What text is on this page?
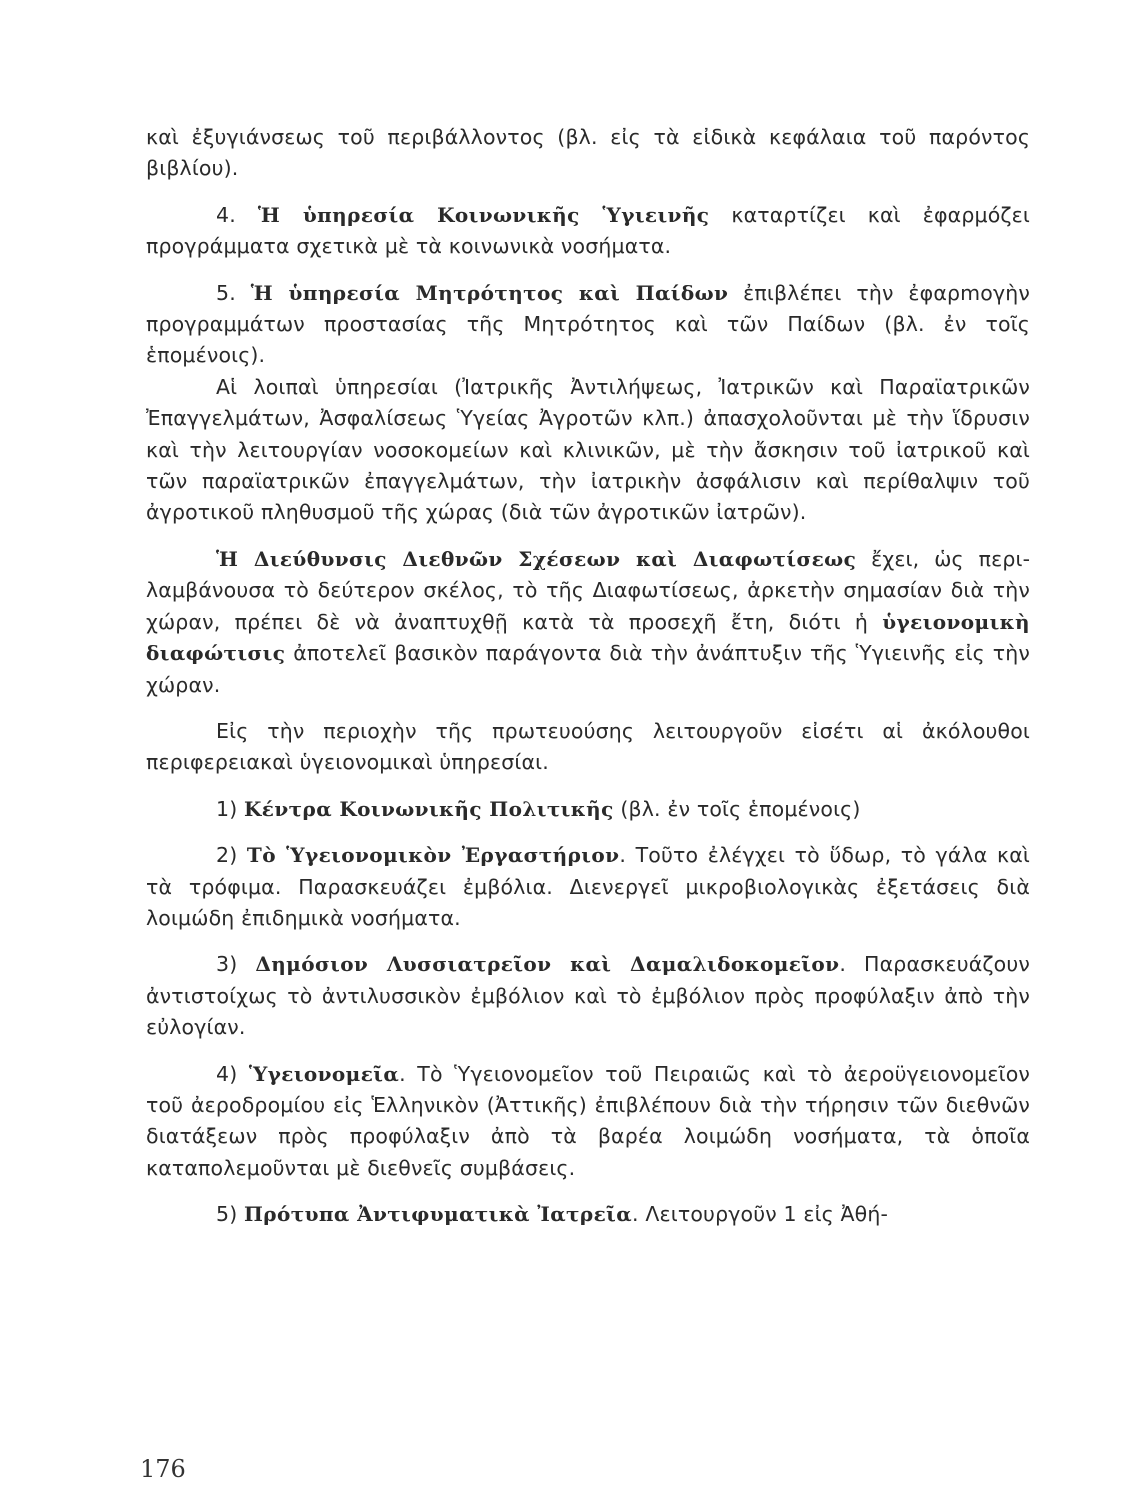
καὶ ἐξυγιάνσεως τοῦ περιβάλλοντος (βλ. εἰς τὰ εἰδικὰ κεφάλαια τοῦ παρόντος βιβλίου).

4. Ἡ ὑπηρεσία Κοινωνικῆς Ὑγιεινῆς καταρτίζει καὶ ἐφαρμόζει προγράμματα σχετικὰ μὲ τὰ κοινωνικὰ νοσήματα.

5. Ἡ ὑπηρεσία Μητρότητος καὶ Παίδων ἐπιβλέπει τὴν ἐφαρmογὴν προγραμμάτων προστασίας τῆς Μητρότητος καὶ τῶν Παίδων (βλ. ἐν τοῖς ἑπομένοις).

Αἱ λοιπαὶ ὑπηρεσίαι (Ἰατρικῆς Ἀντιλήψεως, Ἰατρικῶν καὶ Παραϊατρικῶν Ἐπαγγελμάτων, Ἀσφαλίσεως Ὑγείας Ἀγροτῶν κλπ.) ἀπασχολοῦνται μὲ τὴν ἵδρυσιν καὶ τὴν λειτουργίαν νοσοκομείων καὶ κλινικῶν, μὲ τὴν ἄσκησιν τοῦ ἰατρικοῦ καὶ τῶν παραϊατρικῶν ἐπαγγελμάτων, τὴν ἰατρικὴν ἀσφάλισιν καὶ περίθαλψιν τοῦ ἀγροτικοῦ πληθυσμοῦ τῆς χώρας (διὰ τῶν ἀγροτικῶν ἰατρῶν).

Ἡ Διεύθυνσις Διεθνῶν Σχέσεων καὶ Διαφωτίσεως ἔχει, ὡς περιλαμβάνουσα τὸ δεύτερον σκέλος, τὸ τῆς Διαφωτίσεως, ἀρκετὴν σημασίαν διὰ τὴν χώραν, πρέπει δὲ νὰ ἀναπτυχθῇ κατὰ τὰ προσεχῆ ἔτη, διότι ἡ ὑγειονομικὴ διαφώτισις ἀποτελεῖ βασικὸν παράγοντα διὰ τὴν ἀνάπτυξιν τῆς Ὑγιεινῆς εἰς τὴν χώραν.

Εἰς τὴν περιοχὴν τῆς πρωτευούσης λειτουργοῦν εἰσέτι αἱ ἀκόλουθοι περιφερειακαὶ ὑγειονομικαὶ ὑπηρεσίαι.

1) Κέντρα Κοινωνικῆς Πολιτικῆς (βλ. ἐν τοῖς ἑπομένοις)

2) Τὸ Ὑγειονομικὸν Ἐργαστήριον. Τοῦτο ἐλέγχει τὸ ὕδωρ, τὸ γάλα καὶ τὰ τρόφιμα. Παρασκευάζει ἐμβόλια. Διενεργεῖ μικροβιολογικὰς ἐξετάσεις διὰ λοιμώδη ἐπιδημικὰ νοσήματα.

3) Δημόσιον Λυσσιατρεῖον καὶ Δαμαλιδοκομεῖον. Παρασκευάζουν ἀντιστοίχως τὸ ἀντιλυσσικὸν ἐμβόλιον καὶ τὸ ἐμβόλιον πρὸς προφύλαξιν ἀπὸ τὴν εὐλογίαν.

4) Ὑγειονομεῖα. Τὸ Ὑγειονομεῖον τοῦ Πειραιῶς καὶ τὸ ἀεροϋγειονομεῖον τοῦ ἀεροδρομίου εἰς Ἑλληνικὸν (Ἀττικῆς) ἐπιβλέπουν διὰ τὴν τήρησιν τῶν διεθνῶν διατάξεων πρὸς προφύλαξιν ἀπὸ τὰ βαρέα λοιμώδη νοσήματα, τὰ ὁποῖα καταπολεμοῦνται μὲ διεθνεῖς συμβάσεις.

5) Πρότυπα Ἀντιφυματικὰ Ἰατρεῖα. Λειτουργοῦν 1 εἰς Ἀθή-

176
